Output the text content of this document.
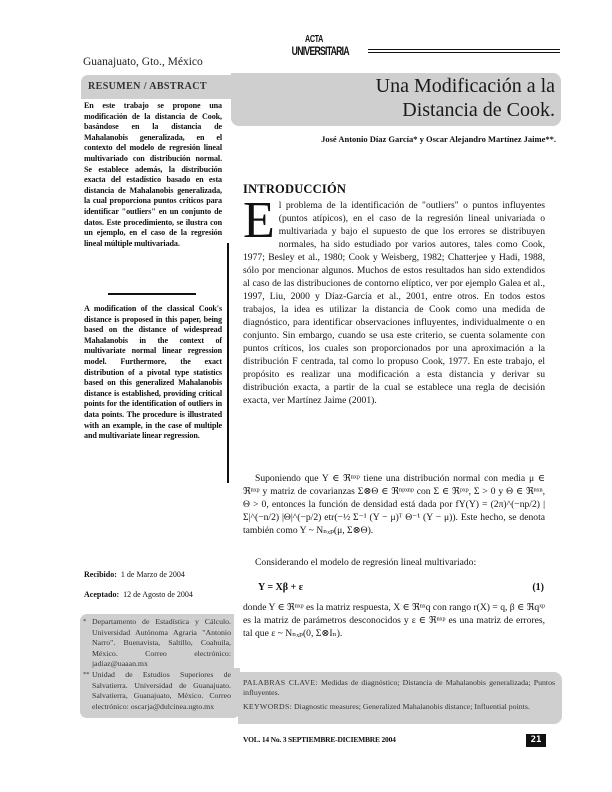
Guanajuato, Gto., México
ACTA
UNIVERSITARIA
RESUMEN / ABSTRACT	Una Modificación a la
Distancia de Cook.
José Antonio Díaz García* y Oscar Alejandro Martínez Jaime**.
En este trabajo se propone una modificación de la distancia de Cook, basándose en la distancia de Mahalanobis generalizada, en el contexto del modelo de regresión lineal multivariado con distribución normal. Se establece además, la distribución exacta del estadístico basado en esta distancia de Mahalanobis generalizada, la cual proporciona puntos críticos para identificar "outliers" en un conjunto de datos. Este procedimiento, se ilustra con un ejemplo, en el caso de la regresión lineal múltiple multivariada.
A modification of the classical Cook's distance is proposed in this paper, being based on the distance of widespread Mahalanobis in the context of multivariate normal linear regression model. Furthermore, the exact distribution of a pivotal type statistics based on this generalized Mahalanobis distance is established, providing critical points for the identification of outliers in data points. The procedure is illustrated with an example, in the case of multiple and multivariate linear regression.
Recibido: 1 de Marzo de 2004
Aceptado: 12 de Agosto de 2004
* Departamento de Estadística y Cálculo. Universidad Autónoma Agraria "Antonio Narro". Buenavista, Saltillo, Coahuila, México. Correo electrónico: jadiaz@uaaan.mx
** Unidad de Estudios Superiores de Salvatierra. Universidad de Guanajuato. Salvatierra, Guanajuato, México. Correo electrónico: oscarja@dulcinea.ugto.mx
INTRODUCCIÓN
El problema de la identificación de "outliers" o puntos influyentes (puntos atípicos), en el caso de la regresión lineal univariada o multivariada y bajo el supuesto de que los errores se distribuyen normales, ha sido estudiado por varios autores, tales como Cook, 1977; Besley et al., 1980; Cook y Weisberg, 1982; Chatterjee y Hadi, 1988, sólo por mencionar algunos. Muchos de estos resultados han sido extendidos al caso de las distribuciones de contorno elíptico, ver por ejemplo Galea et al., 1997, Liu, 2000 y Díaz-García et al., 2001, entre otros. En todos estos trabajos, la idea es utilizar la distancia de Cook como una medida de diagnóstico, para identificar observaciones influyentes, individualmente o en conjunto. Sin embargo, cuando se usa este criterio, se cuenta solamente con puntos críticos, los cuales son proporcionados por una aproximación a la distribución F centrada, tal como lo propuso Cook, 1977. En este trabajo, el propósito es realizar una modificación a esta distancia y derivar su distribución exacta, a partir de la cual se establece una regla de decisión exacta, ver Martínez Jaime (2001).
Suponiendo que Y ∈ ℜⁿˣᵖ tiene una distribución normal con media μ ∈ ℜⁿˣᵖ y matriz de covarianzas Σ⊗Θ ∈ ℜⁿᵖˣⁿᵖ con Σ ∈ ℜᵖˣᵖ, Σ > 0 y Θ ∈ ℜⁿˣⁿ, Θ > 0, entonces la función de densidad está dada por fY(Y) = (2π)^(−np/2) |Σ|^(−n/2) |Θ|^(−p/2) etr(−½ Σ⁻¹ (Y − μ)ᵀ Θ⁻¹ (Y − μ)). Este hecho, se denota también como Y ~ Nₙₓₚ(μ, Σ⊗Θ).
Considerando el modelo de regresión lineal multivariado:
Y = Xβ + ε	(1)
donde Y ∈ ℜⁿˣᵖ es la matriz respuesta, X ∈ ℜⁿˣq con rango r(X) = q, β ∈ ℜqˣᵖ es la matriz de parámetros desconocidos y ε ∈ ℜⁿˣᵖ es una matriz de errores, tal que ε ~ Nₙₓₚ(0, Σ⊗Iₙ).
PALABRAS CLAVE: Medidas de diagnóstico; Distancia de Mahalanobis generalizada; Puntos influyentes.
KEYWORDS: Diagnostic measures; Generalized Mahalanobis distance; Influential points.
VOL. 14 No. 3 SEPTIEMBRE-DICIEMBRE 2004	21
